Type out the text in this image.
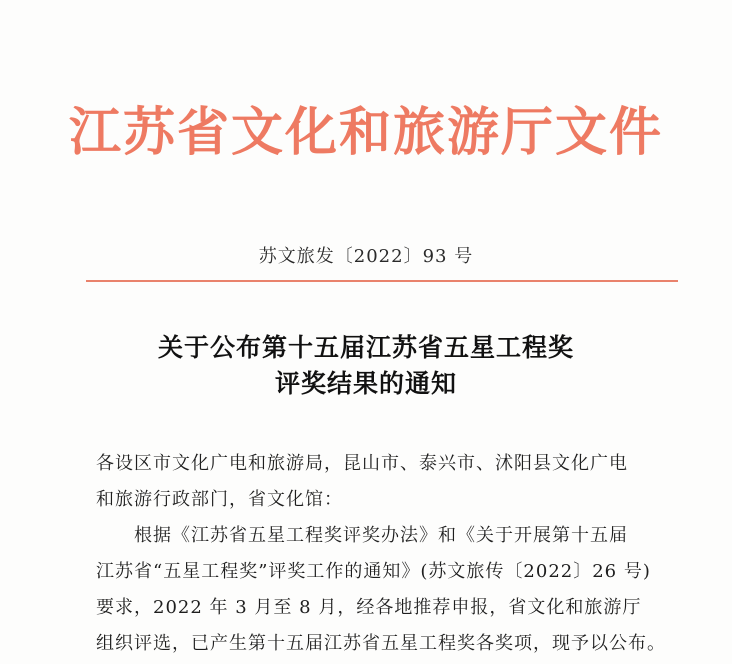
江苏省文化和旅游厅文件
苏文旅发〔2022〕93 号
关于公布第十五届江苏省五星工程奖
评奖结果的通知
各设区市文化广电和旅游局，昆山市、泰兴市、沭阳县文化广电
和旅游行政部门，省文化馆：
根据《江苏省五星工程奖评奖办法》和《关于开展第十五届
江苏省“五星工程奖”评奖工作的通知》(苏文旅传〔2022〕26 号)
要求，2022 年 3 月至 8 月，经各地推荐申报，省文化和旅游厅
组织评选，已产生第十五届江苏省五星工程奖各奖项，现予以公布。
